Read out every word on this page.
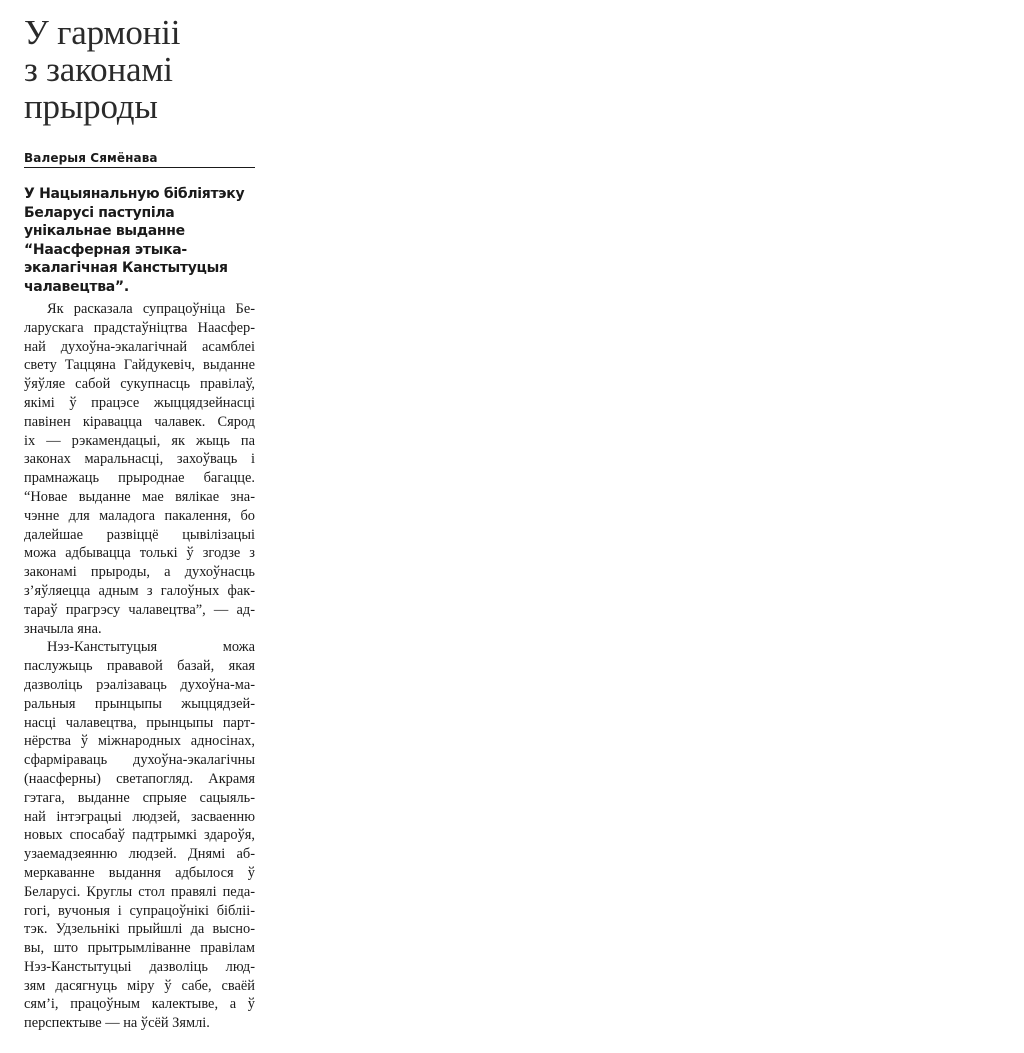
У гармоніі
з законамі
прыроды
Валерыя Сямёнава
У Нацыянальную бібліятэку
Беларусі паступіла
унікальнае выданне
“Наасферная этыка-
экалагічная Канстытуцыя
чалавецтва”.
Як расказала супрацоўніца Бе-
ларускага прадстаўніцтва Наасфер-
най духоўна-экалагічнай асамблеі
свету Таццяна Гайдукевіч, выданне
ўяўляе сабой сукупнасць правілаў,
якімі ў працэсе жыццядзейнасці
павінен кіравацца чалавек. Сярод
іх — рэкамендацыі, як жыць па
законах маральнасці, захоўваць і
прамнажаць прыроднае багацце.
“Новае выданне мае вялікае зна-
чэнне для маладога пакалення, бо
далейшае развіццё цывілізацыі
можа адбывацца толькі ў згодзе з
законамі прыроды, а духоўнасць
з’яўляецца адным з галоўных фак-
тараў прагрэсу чалавецтва”, — ад-
значыла яна.
Нэз-Канстытуцыя можа
паслужыць прававой базай, якая
дазволіць рэалізаваць духоўна-ма-
ральныя прынцыпы жыццядзей-
насці чалавецтва, прынцыпы парт-
нёрства ў міжнародных адносінах,
сфарміраваць духоўна-экалагічны
(наасферны) светапогляд. Акрамя
гэтага, выданне спрыяе сацыяль-
най інтэграцыі людзей, засваенню
новых спосабаў падтрымкі здароўя,
узаемадзеянню людзей. Днямі аб-
меркаванне выдання адбылося ў
Беларусі. Круглы стол правялі педа-
гогі, вучоныя і супрацоўнікі бібліі-
тэк. Удзельнікі прыйшлі да высно-
вы, што прытрымліванне правілам
Нэз-Канстытуцыі дазволіць люд-
зям дасягнуць міру ў сабе, сваёй
сям’і, працоўным калектыве, а ў
перспектыве — на ўсёй Зямлі.
